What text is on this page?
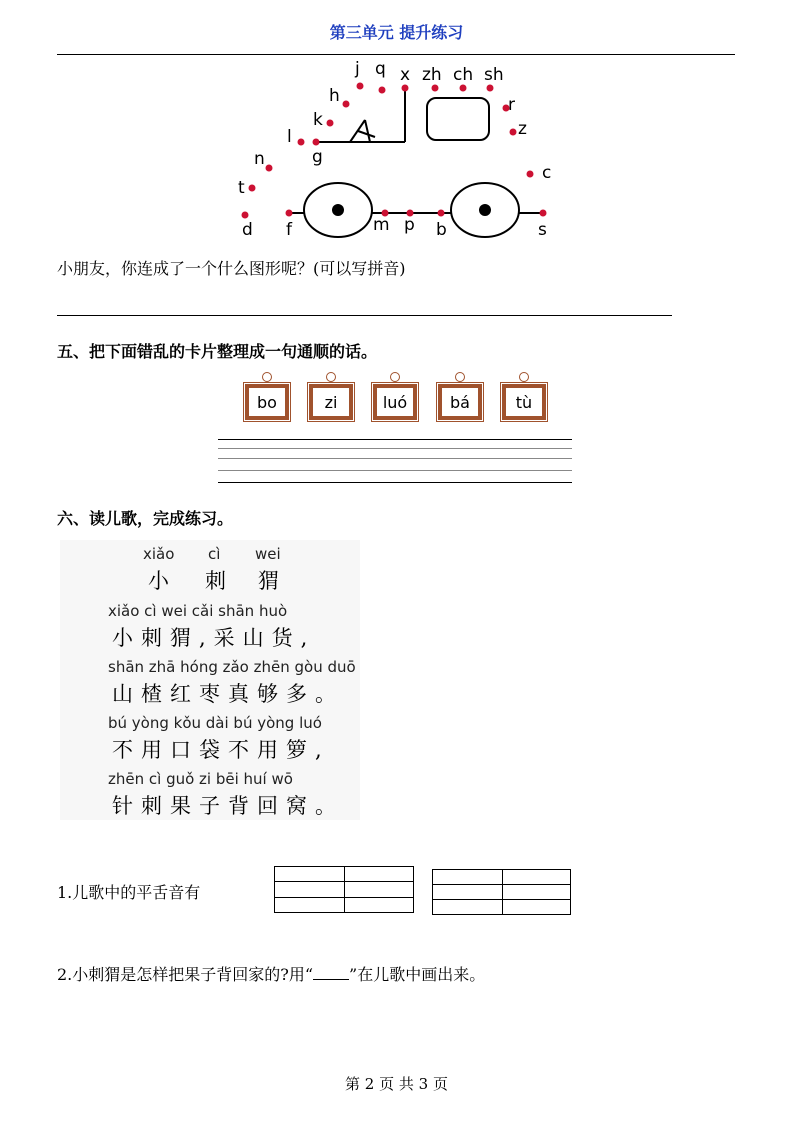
第三单元 提升练习
j q x zh ch sh
h	r
k	z
l
g
n
c
t
d f	m p b	s
小朋友，你连成了一个什么图形呢？(可以写拼音)
五、把下面错乱的卡片整理成一句通顺的话。
bo	zi	luó	bá	tù
六、读儿歌，完成练习。
xiǎo cì wei
小 刺 猬
xiǎo cì wei cǎi shān huò
小刺猬,采山货,
shān zhā hóng zǎo zhēn gòu duō
山楂红枣真够多。
bú yòng kǒu dài bú yòng luó
不用口袋不用箩,
zhēn cì guǒ zi bēi huí wō
针刺果子背回窝。
1.儿歌中的平舌音有
2.小刺猬是怎样把果子背回家的?用“ ”在儿歌中画出来。
第 2 页 共 3 页
